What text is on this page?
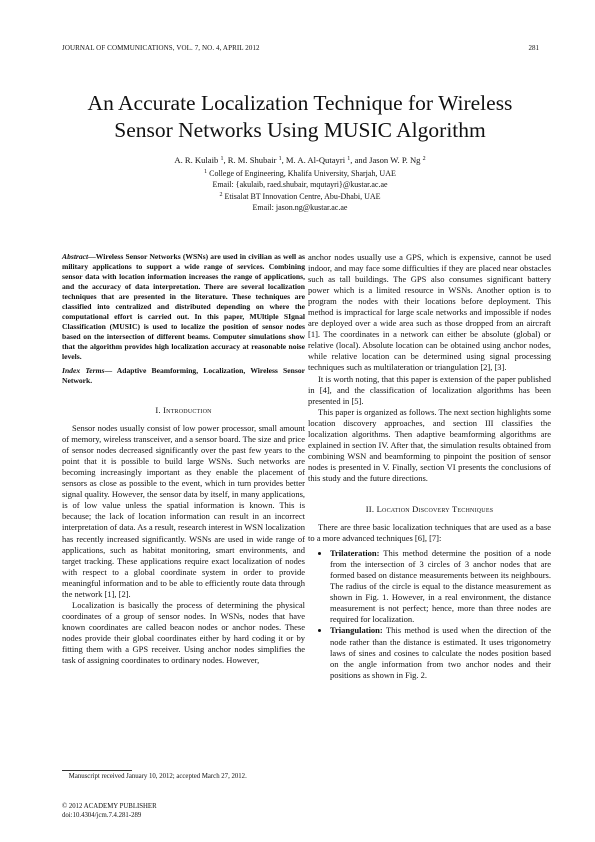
JOURNAL OF COMMUNICATIONS, VOL. 7, NO. 4, APRIL 2012	281
An Accurate Localization Technique for Wireless
Sensor Networks Using MUSIC Algorithm
A. R. Kulaib $^1$, R. M. Shubair $^1$, M. A. Al-Qutayri $^1$, and Jason W. P. Ng $^2$
$^1$ College of Engineering, Khalifa University, Sharjah, UAE
Email: {akulaib, raed.shubair, mqutayri}@kustar.ac.ae
$^2$ Etisalat BT Innovation Centre, Abu-Dhabi, UAE
Email: jason.ng@kustar.ac.ae

Abstract—Wireless Sensor Networks (WSNs) are used in civilian as well as military applications to support a wide range of services. Combining sensor data with location information increases the range of applications, and the accuracy of data interpretation. There are several localization techniques that are presented in the literature. These techniques are classified into centralized and distributed depending on where the computational effort is carried out. In this paper, MUltiple SIgnal Classification (MUSIC) is used to localize the position of sensor nodes based on the intersection of different beams. Computer simulations show that the algorithm provides high localization accuracy at reasonable noise levels.

Index Terms— Adaptive Beamforming, Localization, Wireless Sensor Network.

I. Introduction

Sensor nodes usually consist of low power processor, small amount of memory, wireless transceiver, and a sensor board. The size and price of sensor nodes decreased significantly over the past few years to the point that it is possible to build large WSNs. Such networks are becoming increasingly important as they enable the placement of sensors as close as possible to the event, which in turn provides better signal quality. However, the sensor data by itself, in many applications, is of low value unless the spatial information is known. This is because; the lack of location information can result in an incorrect interpretation of data. As a result, research interest in WSN localization has recently increased significantly. WSNs are used in wide range of applications, such as habitat monitoring, smart environments, and target tracking. These applications require exact localization of nodes with respect to a global coordinate system in order to provide meaningful information and to be able to efficiently route data through the network [1], [2].

Localization is basically the process of determining the physical coordinates of a group of sensor nodes. In WSNs, nodes that have known coordinates are called beacon nodes or anchor nodes. These nodes provide their global coordinates either by hard coding it or by fitting them with a GPS receiver. Using anchor nodes simplifies the task of assigning coordinates to ordinary nodes. However,

Manuscript received January 10, 2012; accepted March 27, 2012.
© 2012 ACADEMY PUBLISHER
doi:10.4304/jcm.7.4.281-289

anchor nodes usually use a GPS, which is expensive, cannot be used indoor, and may face some difficulties if they are placed near obstacles such as tall buildings. The GPS also consumes significant battery power which is a limited resource in WSNs. Another option is to program the nodes with their locations before deployment. This method is impractical for large scale networks and impossible if nodes are deployed over a wide area such as those dropped from an aircraft [1]. The coordinates in a network can either be absolute (global) or relative (local). Absolute location can be obtained using anchor nodes, while relative location can be determined using signal processing techniques such as multilateration or triangulation [2], [3].

It is worth noting, that this paper is extension of the paper published in [4], and the classification of localization algorithms has been presented in [5].

This paper is organized as follows. The next section highlights some location discovery approaches, and section III classifies the localization algorithms. Then adaptive beamforming algorithms are explained in section IV. After that, the simulation results obtained from combining WSN and beamforming to pinpoint the position of sensor nodes is presented in V. Finally, section VI presents the conclusions of this study and the future directions.

II. Location Discovery Techniques

There are three basic localization techniques that are used as a base to a more advanced techniques [6], [7]:

• Trilateration: This method determine the position of a node from the intersection of 3 circles of 3 anchor nodes that are formed based on distance measurements between its neighbours. The radius of the circle is equal to the distance measurement as shown in Fig. 1. However, in a real environment, the distance measurement is not perfect; hence, more than three nodes are required for localization.
• Triangulation: This method is used when the direction of the node rather than the distance is estimated. It uses trigonometry laws of sines and cosines to calculate the nodes position based on the angle information from two anchor nodes and their positions as shown in Fig. 2.
